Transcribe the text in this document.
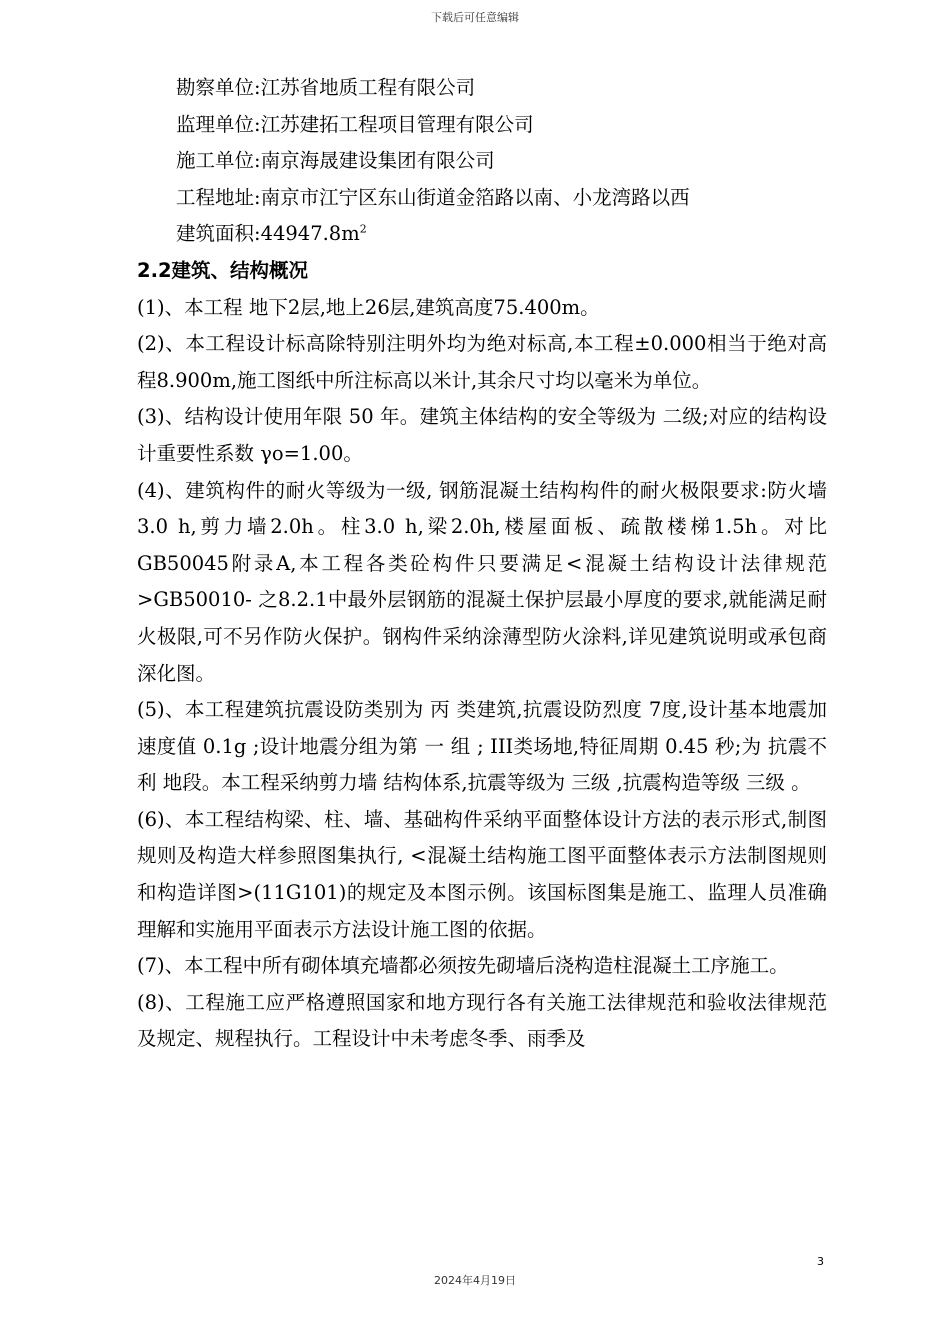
下载后可任意编辑
勘察单位:江苏省地质工程有限公司
监理单位:江苏建拓工程项目管理有限公司
施工单位:南京海晟建设集团有限公司
工程地址:南京市江宁区东山街道金箔路以南、小龙湾路以西
建筑面积$:44947.8m^2$
2.2建筑、结构概况
(1)、本工程 地下2层,地上26层,建筑高度75.400m。
(2)、本工程设计标高除特别注明外均为绝对标高,本工程±0.000相当于绝对高程8.900m,施工图纸中所注标高以米计,其余尺寸均以毫米为单位。
(3)、结构设计使用年限 50 年。建筑主体结构的安全等级为 二级;对应的结构设计重要性系数 γo=1.00。
(4)、建筑构件的耐火等级为一级, 钢筋混凝土结构构件的耐火极限要求:防火墙3.0 h,剪力墙2.0h。柱3.0 h,梁2.0h,楼屋面板、疏散楼梯1.5h。对比 GB50045附录A,本工程各类砼构件只要满足<混凝土结构设计法律规范>GB50010- 之8.2.1中最外层钢筋的混凝土保护层最小厚度的要求,就能满足耐火极限,可不另作防火保护。钢构件采纳涂薄型防火涂料,详见建筑说明或承包商深化图。
(5)、本工程建筑抗震设防类别为 丙 类建筑,抗震设防烈度 7度,设计基本地震加速度值 0.1g ;设计地震分组为第 一 组 ; III类场地,特征周期 0.45 秒;为 抗震不利 地段。本工程采纳剪力墙 结构体系,抗震等级为 三级 ,抗震构造等级 三级 。
(6)、本工程结构梁、柱、墙、基础构件采纳平面整体设计方法的表示形式,制图规则及构造大样参照图集执行, <混凝土结构施工图平面整体表示方法制图规则和构造详图>(11G101)的规定及本图示例。该国标图集是施工、监理人员准确理解和实施用平面表示方法设计施工图的依据。
(7)、本工程中所有砌体填充墙都必须按先砌墙后浇构造柱混凝土工序施工。
(8)、工程施工应严格遵照国家和地方现行各有关施工法律规范和验收法律规范及规定、规程执行。工程设计中未考虑冬季、雨季及
3
2024年4月19日
